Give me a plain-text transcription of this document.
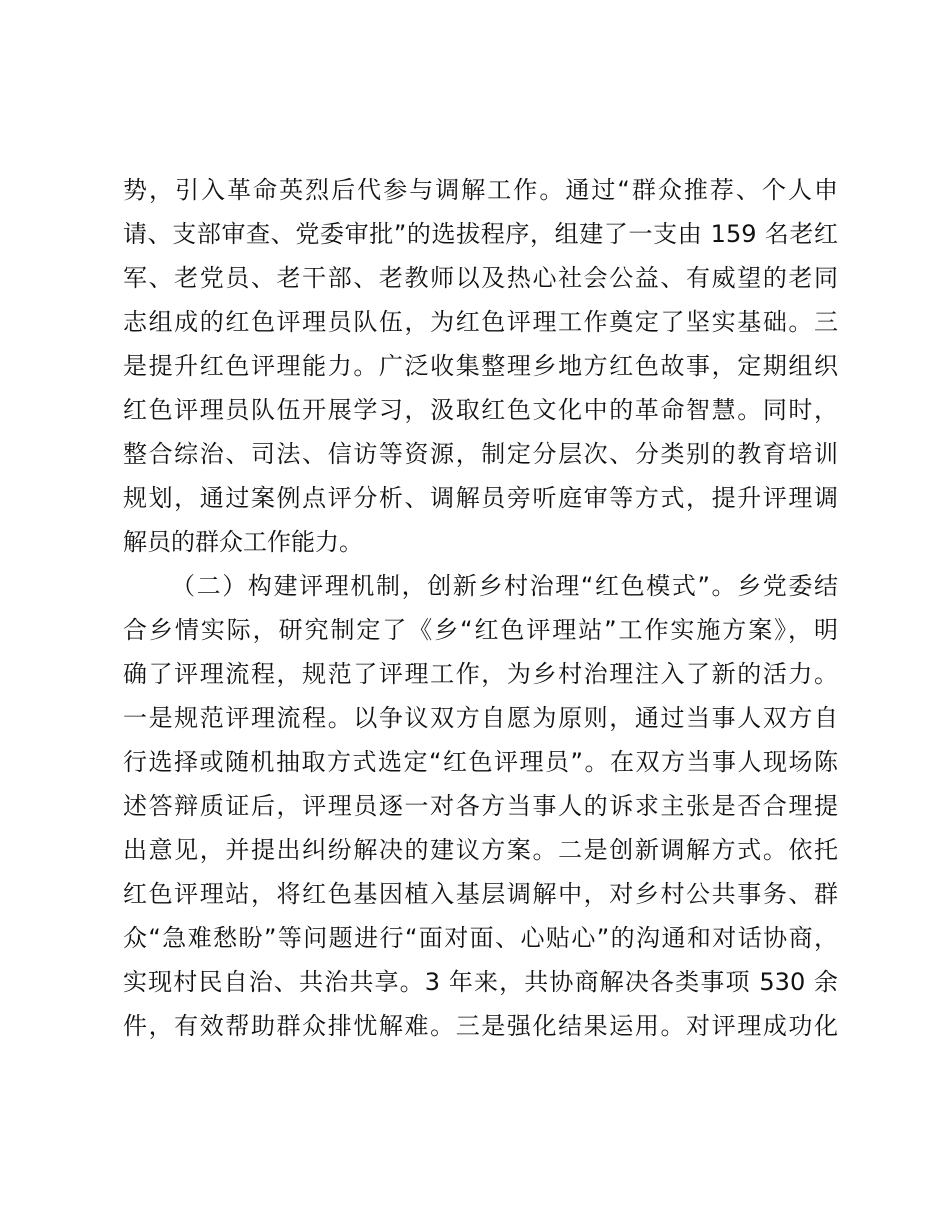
势，引入革命英烈后代参与调解工作。通过“群众推荐、个人申
请、支部审查、党委审批”的选拔程序，组建了一支由 159 名老红
军、老党员、老干部、老教师以及热心社会公益、有威望的老同
志组成的红色评理员队伍，为红色评理工作奠定了坚实基础。三
是提升红色评理能力。广泛收集整理乡地方红色故事，定期组织
红色评理员队伍开展学习，汲取红色文化中的革命智慧。同时，
整合综治、司法、信访等资源，制定分层次、分类别的教育培训
规划，通过案例点评分析、调解员旁听庭审等方式，提升评理调
解员的群众工作能力。
（二）构建评理机制，创新乡村治理“红色模式”。乡党委结
合乡情实际，研究制定了《乡“红色评理站”工作实施方案》，明
确了评理流程，规范了评理工作，为乡村治理注入了新的活力。
一是规范评理流程。以争议双方自愿为原则，通过当事人双方自
行选择或随机抽取方式选定“红色评理员”。在双方当事人现场陈
述答辩质证后，评理员逐一对各方当事人的诉求主张是否合理提
出意见，并提出纠纷解决的建议方案。二是创新调解方式。依托
红色评理站，将红色基因植入基层调解中，对乡村公共事务、群
众“急难愁盼”等问题进行“面对面、心贴心”的沟通和对话协商，
实现村民自治、共治共享。3 年来，共协商解决各类事项 530 余
件，有效帮助群众排忧解难。三是强化结果运用。对评理成功化
